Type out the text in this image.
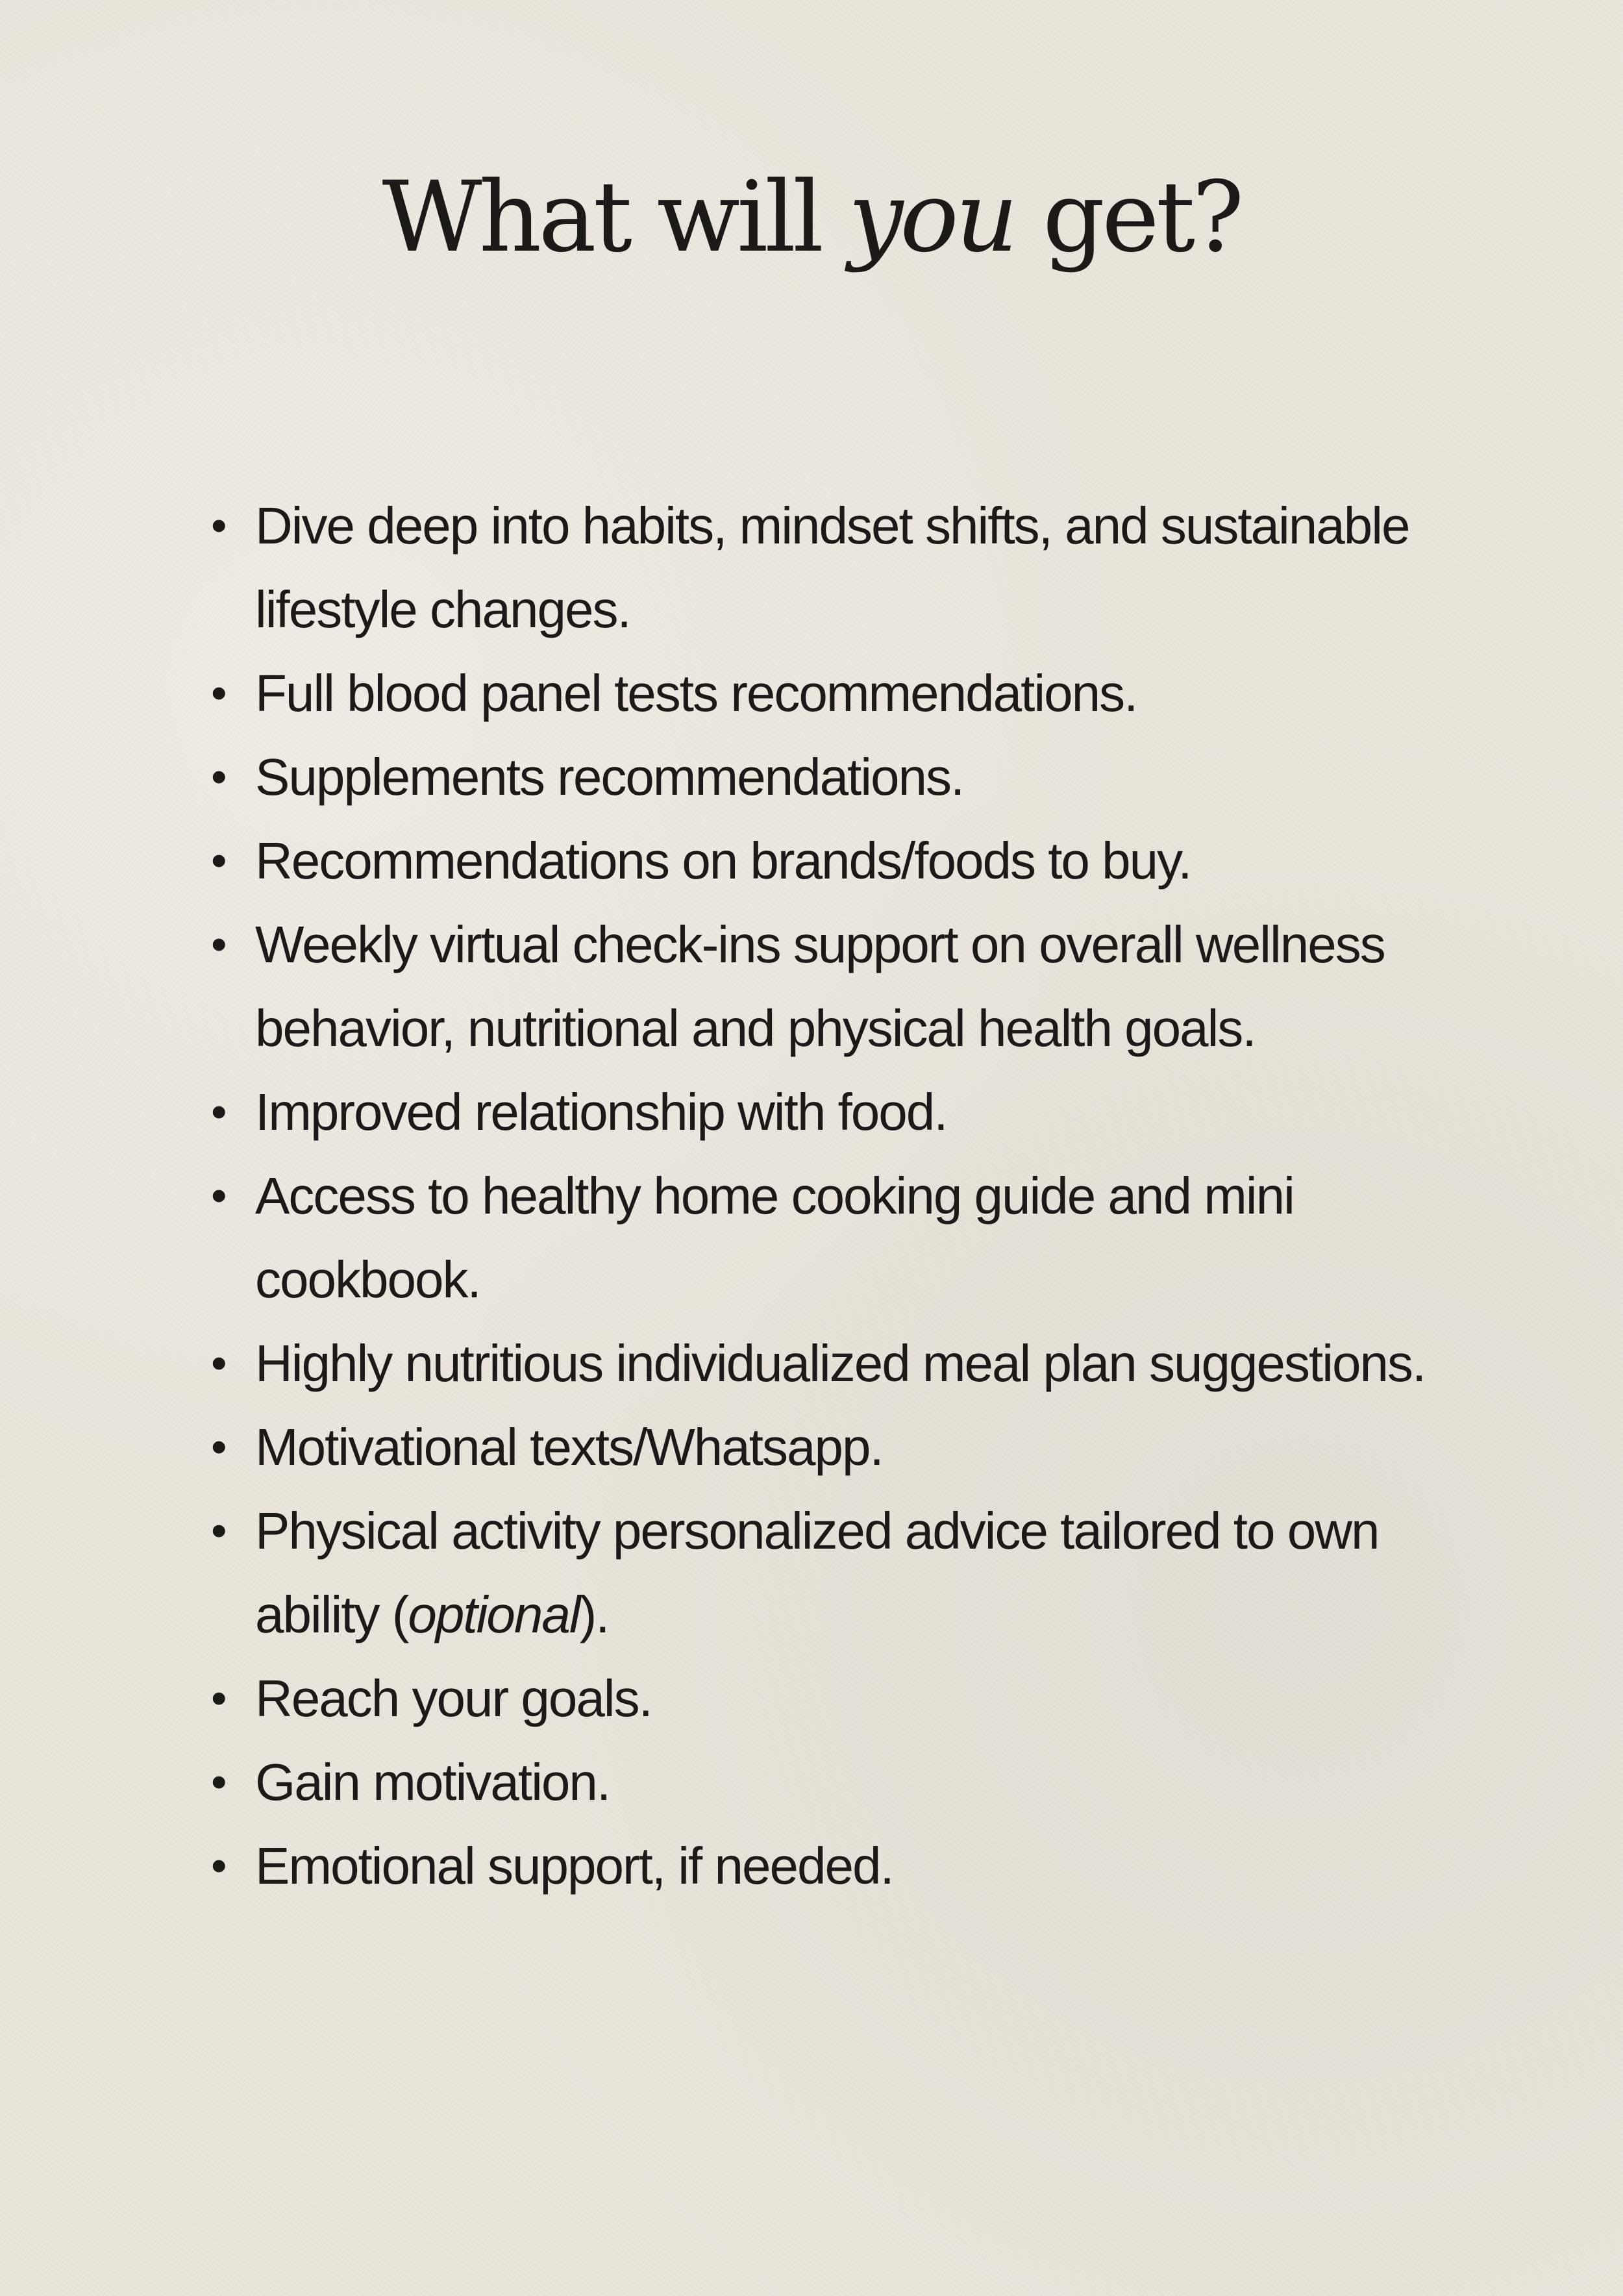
What will you get?
• Dive deep into habits, mindset shifts, and sustainable lifestyle changes.
• Full blood panel tests recommendations.
• Supplements recommendations.
• Recommendations on brands/foods to buy.
• Weekly virtual check-ins support on overall wellness behavior, nutritional and physical health goals.
• Improved relationship with food.
• Access to healthy home cooking guide and mini cookbook.
• Highly nutritious individualized meal plan suggestions.
• Motivational texts/Whatsapp.
• Physical activity personalized advice tailored to own ability (optional).
• Reach your goals.
• Gain motivation.
• Emotional support, if needed.
